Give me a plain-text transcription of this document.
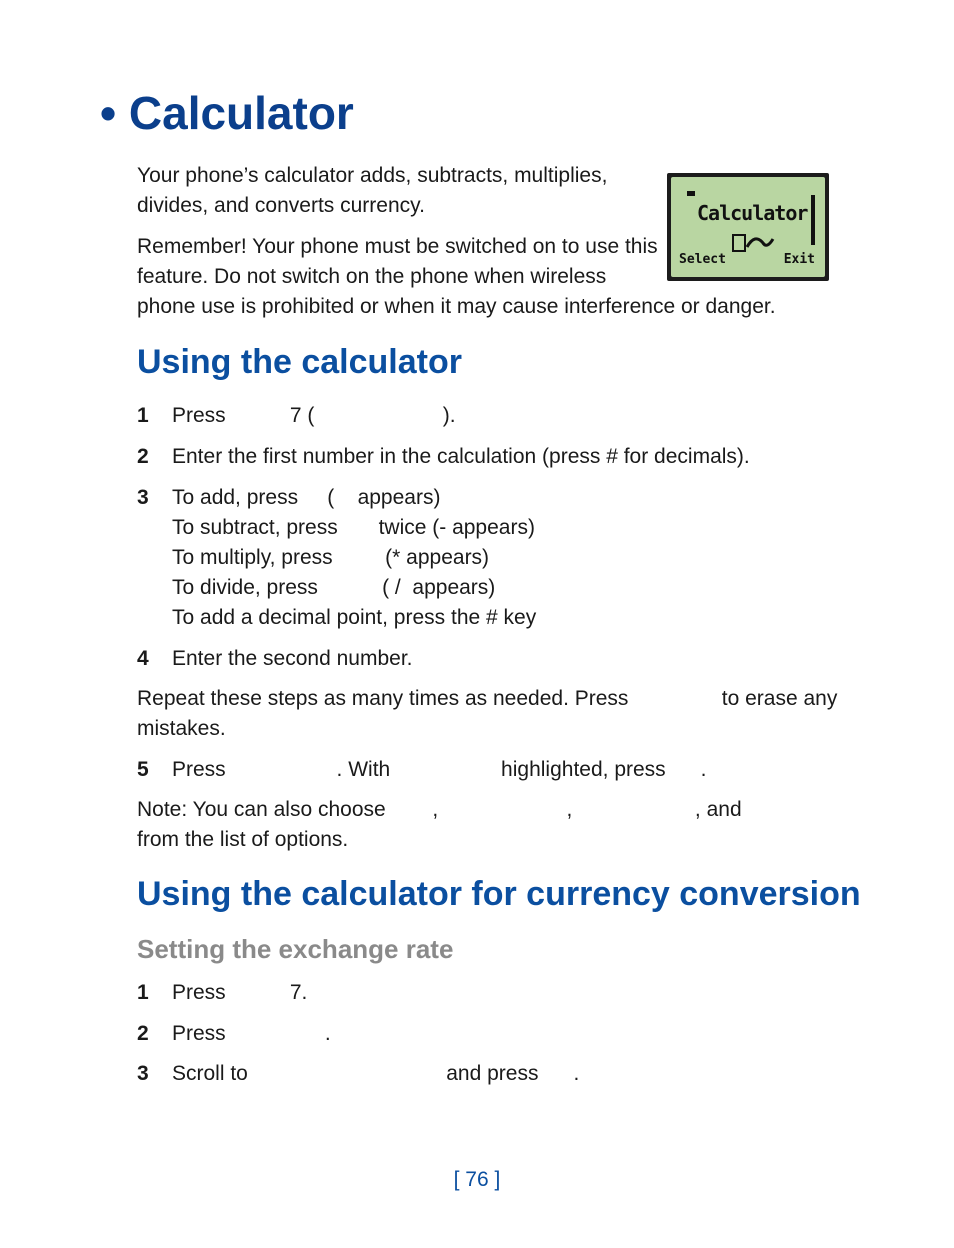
• Calculator
Your phone’s calculator adds, subtracts, multiplies,
divides, and converts currency.
Remember! Your phone must be switched on to use this
feature. Do not switch on the phone when wireless
phone use is prohibited or when it may cause interference or danger.
Calculator
Select	Exit
Using the calculator
1 Press           7 (                      ).
2 Enter the first number in the calculation (press # for decimals).
3 To add, press     (    appears)
To subtract, press       twice (- appears)
To multiply, press         (* appears)
To divide, press           ( /  appears)
To add a decimal point, press the # key
4 Enter the second number.
Repeat these steps as many times as needed. Press                to erase any
mistakes.
5 Press                   . With                   highlighted, press      .
Note: You can also choose        ,                      ,                     , and
from the list of options.
Using the calculator for currency conversion
Setting the exchange rate
1 Press           7.
2 Press                 .
3 Scroll to                                  and press      .
[ 76 ]
